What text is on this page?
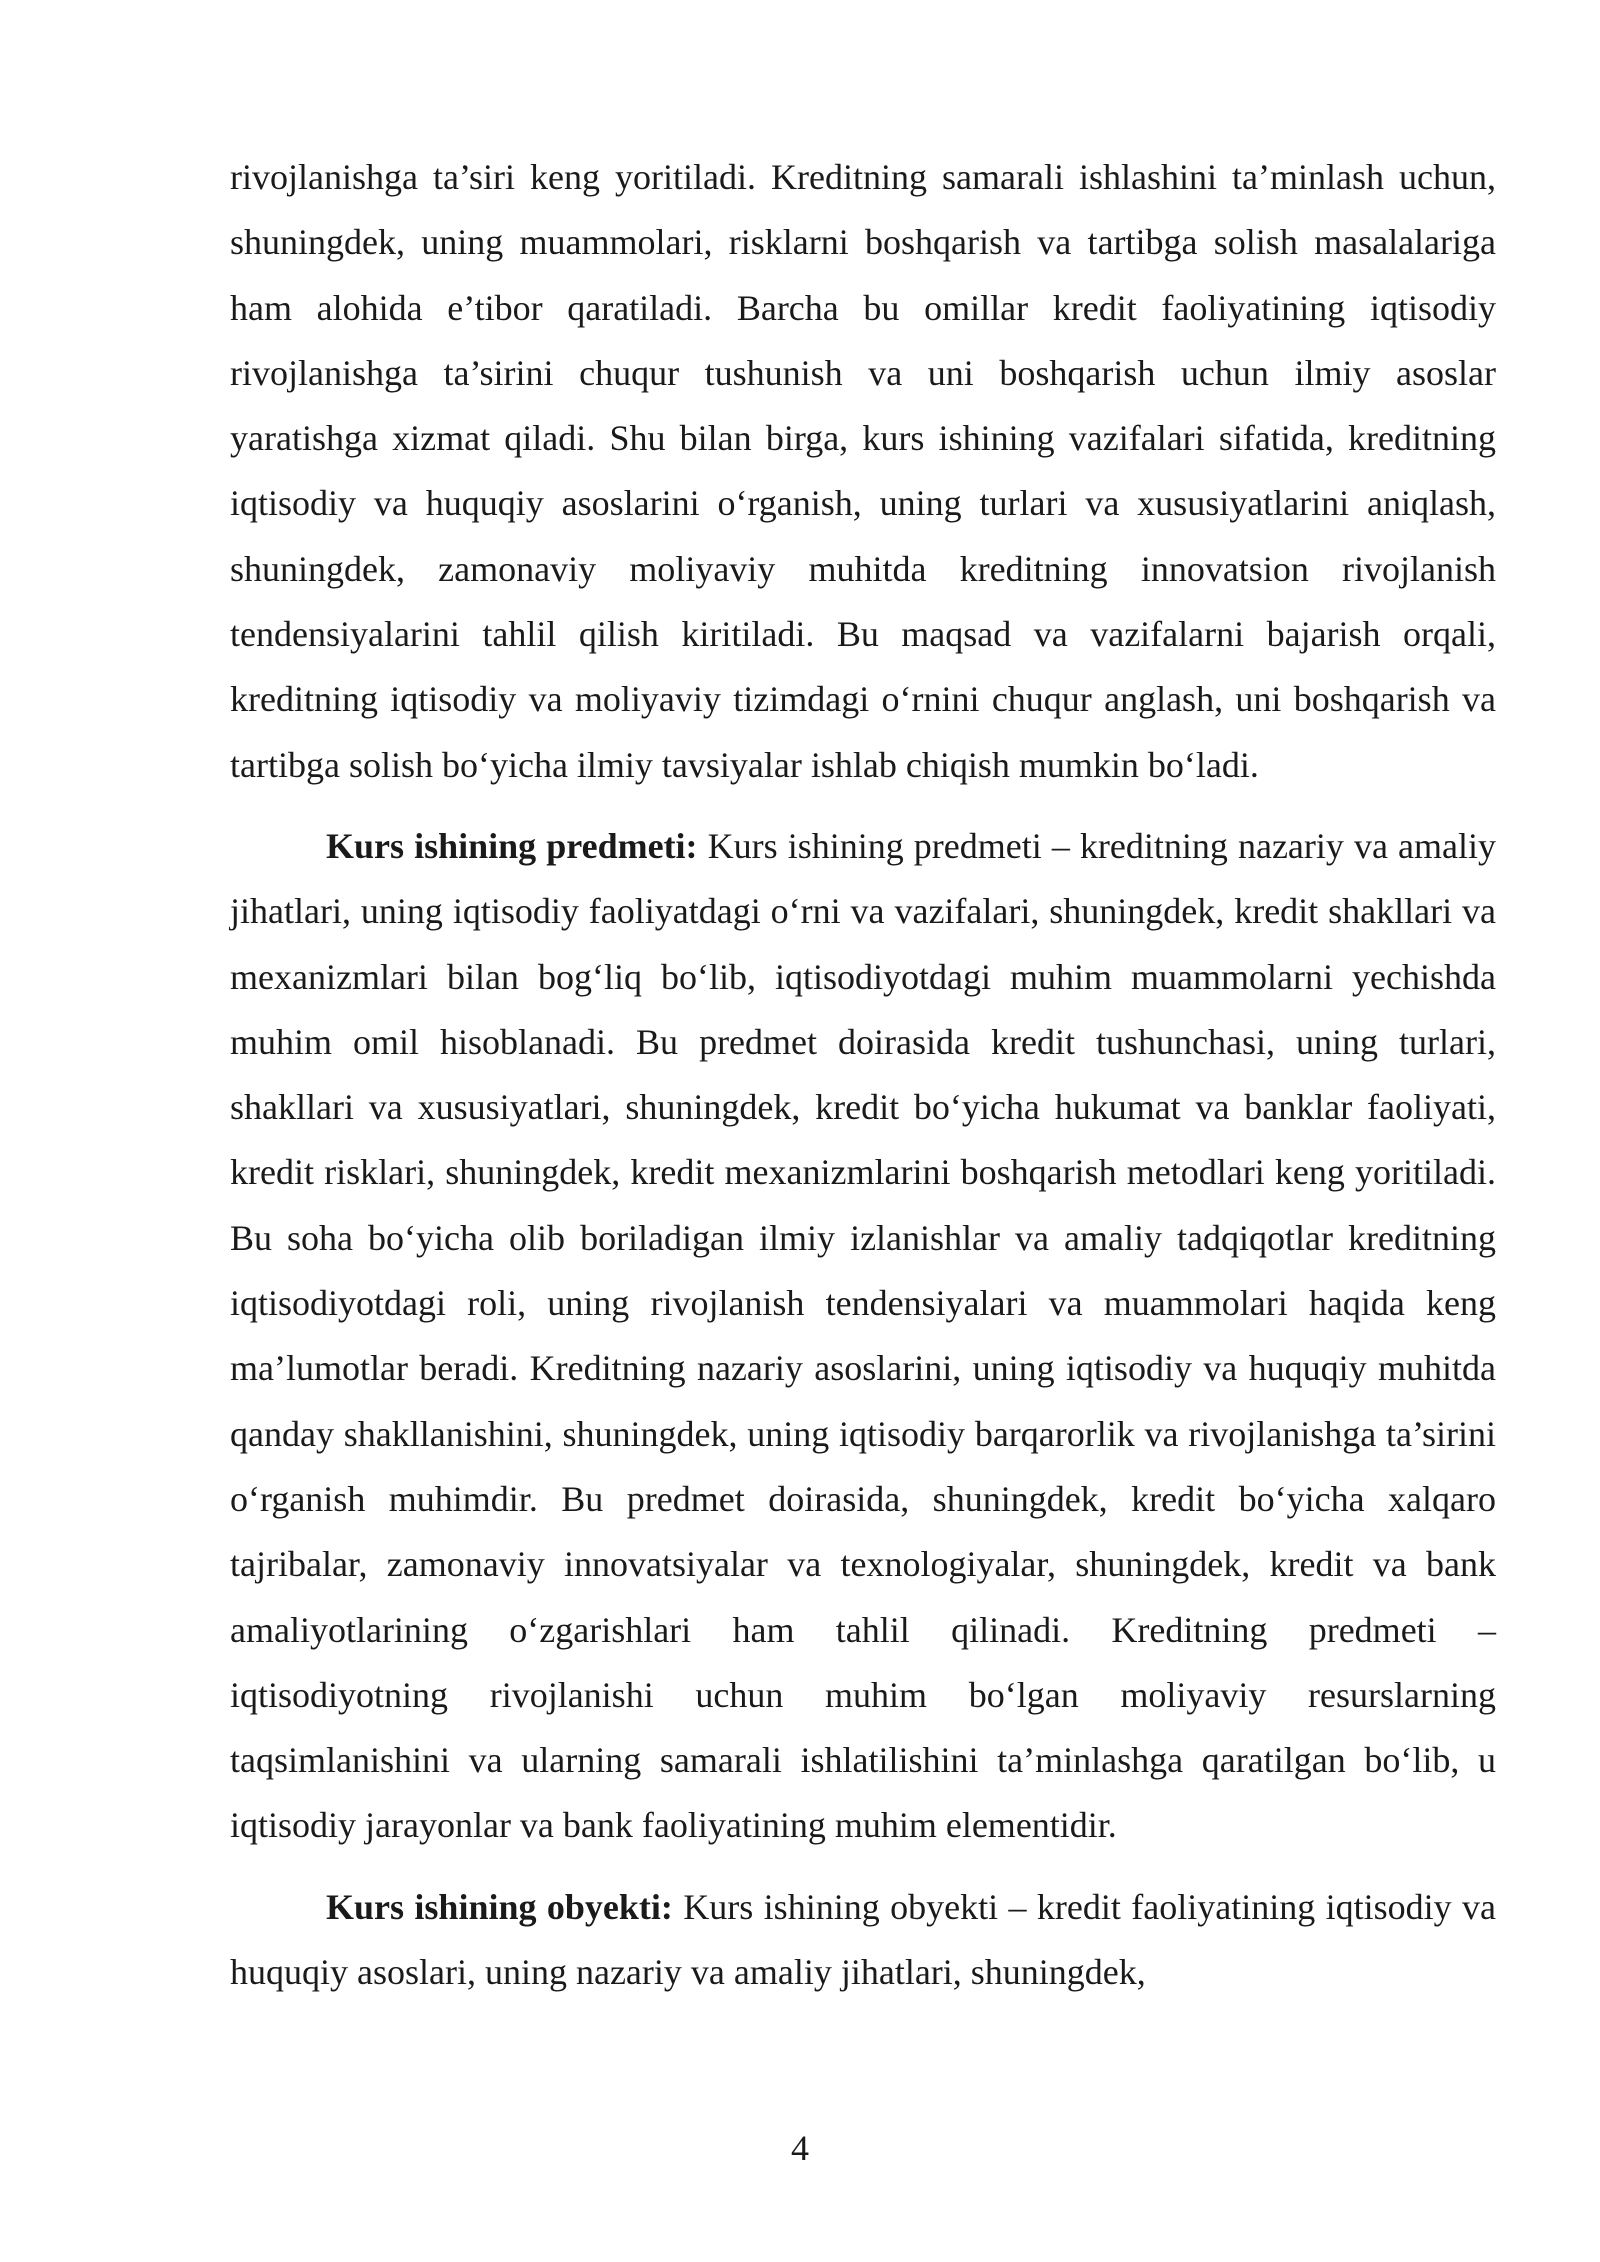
rivojlanishga ta’siri keng yoritiladi. Kreditning samarali ishlashini ta’minlash uchun, shuningdek, uning muammolari, risklarni boshqarish va tartibga solish masalalariga ham alohida e’tibor qaratiladi. Barcha bu omillar kredit faoliyatining iqtisodiy rivojlanishga ta’sirini chuqur tushunish va uni boshqarish uchun ilmiy asoslar yaratishga xizmat qiladi. Shu bilan birga, kurs ishining vazifalari sifatida, kreditning iqtisodiy va huquqiy asoslarini o‘rganish, uning turlari va xususiyatlarini aniqlash, shuningdek, zamonaviy moliyaviy muhitda kreditning innovatsion rivojlanish tendensiyalarini tahlil qilish kiritiladi. Bu maqsad va vazifalarni bajarish orqali, kreditning iqtisodiy va moliyaviy tizimdagi o‘rnini chuqur anglash, uni boshqarish va tartibga solish bo‘yicha ilmiy tavsiyalar ishlab chiqish mumkin bo‘ladi.

Kurs ishining predmeti: Kurs ishining predmeti – kreditning nazariy va amaliy jihatlari, uning iqtisodiy faoliyatdagi o‘rni va vazifalari, shuningdek, kredit shakllari va mexanizmlari bilan bog‘liq bo‘lib, iqtisodiyotdagi muhim muammolarni yechishda muhim omil hisoblanadi. Bu predmet doirasida kredit tushunchasi, uning turlari, shakllari va xususiyatlari, shuningdek, kredit bo‘yicha hukumat va banklar faoliyati, kredit risklari, shuningdek, kredit mexanizmlarini boshqarish metodlari keng yoritiladi. Bu soha bo‘yicha olib boriladigan ilmiy izlanishlar va amaliy tadqiqotlar kreditning iqtisodiyotdagi roli, uning rivojlanish tendensiyalari va muammolari haqida keng ma’lumotlar beradi. Kreditning nazariy asoslarini, uning iqtisodiy va huquqiy muhitda qanday shakllanishini, shuningdek, uning iqtisodiy barqarorlik va rivojlanishga ta’sirini o‘rganish muhimdir. Bu predmet doirasida, shuningdek, kredit bo‘yicha xalqaro tajribalar, zamonaviy innovatsiyalar va texnologiyalar, shuningdek, kredit va bank amaliyotlarining o‘zgarishlari ham tahlil qilinadi. Kreditning predmeti – iqtisodiyotning rivojlanishi uchun muhim bo‘lgan moliyaviy resurslarning taqsimlanishini va ularning samarali ishlatilishini ta’minlashga qaratilgan bo‘lib, u iqtisodiy jarayonlar va bank faoliyatining muhim elementidir.

Kurs ishining obyekti: Kurs ishining obyekti – kredit faoliyatining iqtisodiy va huquqiy asoslari, uning nazariy va amaliy jihatlari, shuningdek,

4
